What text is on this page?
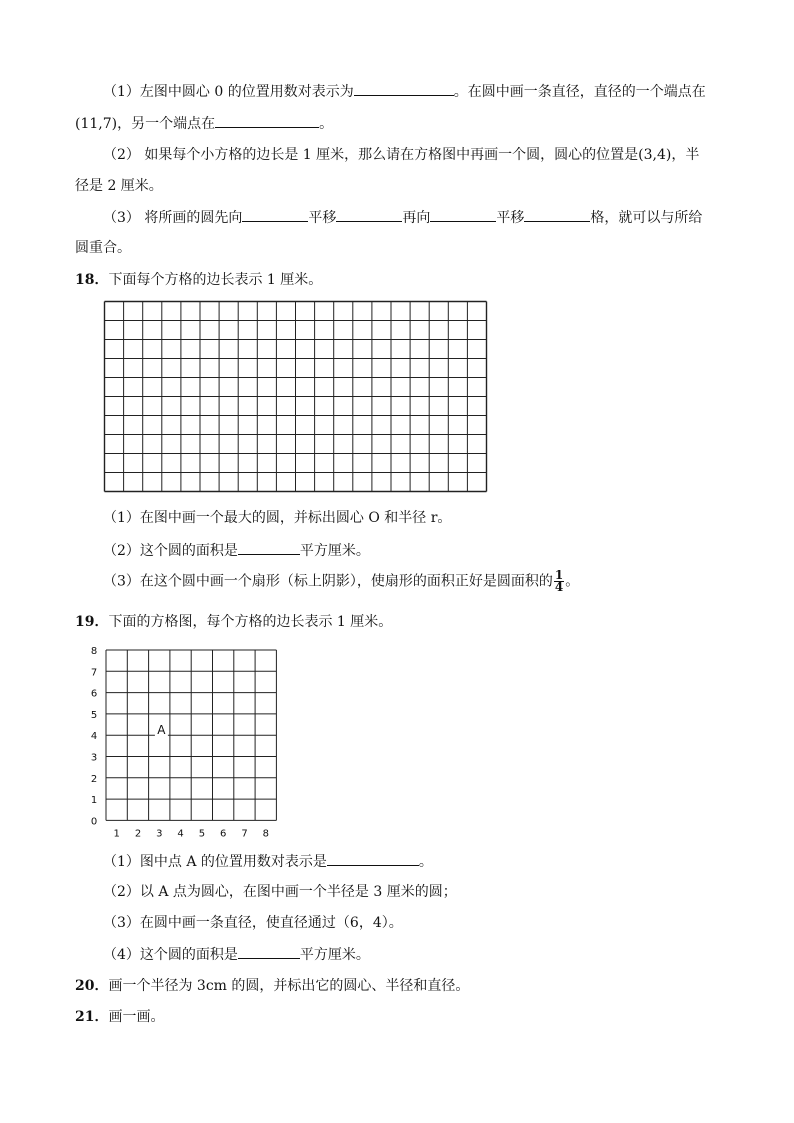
（1）左图中圆心 0 的位置用数对表示为	。在圆中画一条直径，直径的一个端点在
(11,7)，另一个端点在	。
（2） 如果每个小方格的边长是 1 厘米，那么请在方格图中再画一个圆，圆心的位置是(3,4)，半
径是 2 厘米。
（3） 将所画的圆先向	平移	再向	平移	格，就可以与所给
圆重合。
18．下面每个方格的边长表示 1 厘米。
（1）在图中画一个最大的圆，并标出圆心 O 和半径 r。
（2）这个圆的面积是	平方厘米。
（3）在这个圆中画一个扇形（标上阴影），使扇形的面积正好是圆面积的 $\frac{1}{4}$ 。
19．下面的方格图，每个方格的边长表示 1 厘米。
0
1
2
3
4
5
6
7
8
1 2 3 4 5 6 7 8
A
（1）图中点 A 的位置用数对表示是	。
（2）以 A 点为圆心，在图中画一个半径是 3 厘米的圆；
（3）在圆中画一条直径，使直径通过（6，4）。
（4）这个圆的面积是	平方厘米。
20．画一个半径为 3cm 的圆，并标出它的圆心、半径和直径。
21．画一画。
